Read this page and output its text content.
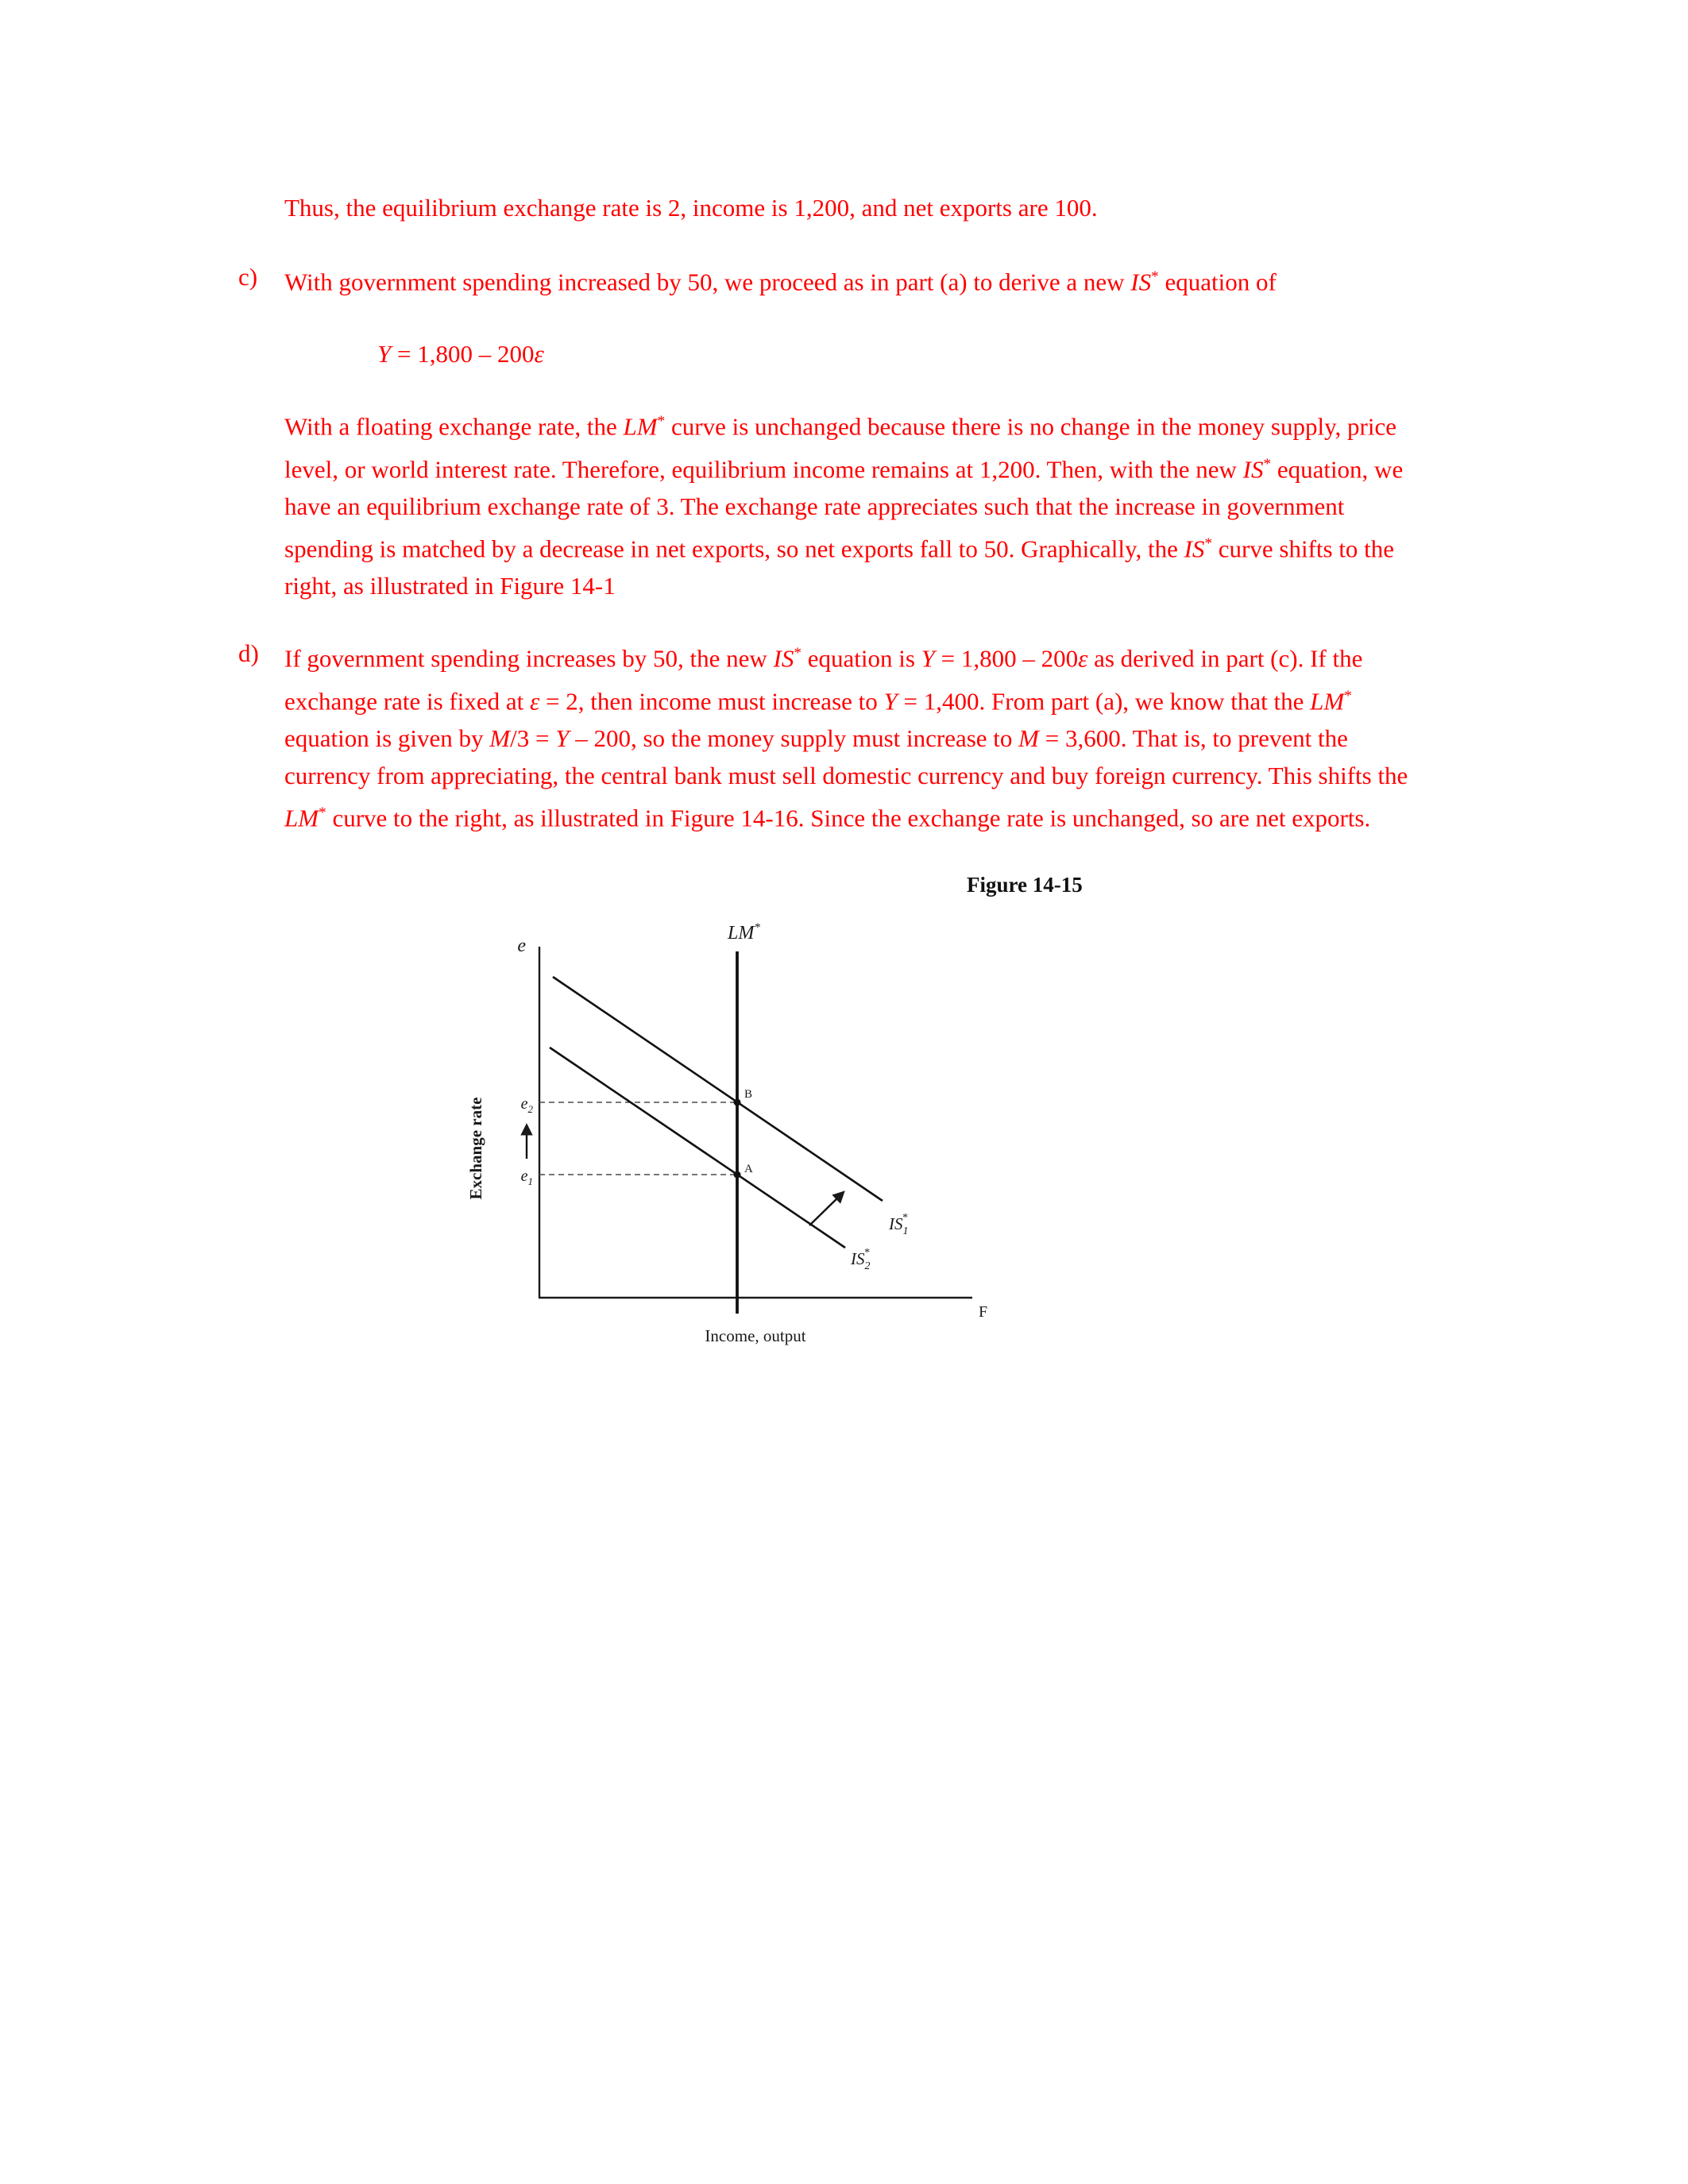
Thus, the equilibrium exchange rate is 2, income is 1,200, and net exports are 100.

c) With government spending increased by 50, we proceed as in part (a) to derive a new IS* equation of

Y = 1,800 – 200ε

With a floating exchange rate, the LM* curve is unchanged because there is no change in the money supply, price level, or world interest rate. Therefore, equilibrium income remains at 1,200. Then, with the new IS* equation, we have an equilibrium exchange rate of 3. The exchange rate appreciates such that the increase in government spending is matched by a decrease in net exports, so net exports fall to 50. Graphically, the IS* curve shifts to the right, as illustrated in Figure 14-1

d) If government spending increases by 50, the new IS* equation is Y = 1,800 – 200ε as derived in part (c). If the exchange rate is fixed at ε = 2, then income must increase to Y = 1,400. From part (a), we know that the LM* equation is given by M/3 = Y – 200, so the money supply must increase to M = 3,600. That is, to prevent the currency from appreciating, the central bank must sell domestic currency and buy foreign currency. This shifts the LM* curve to the right, as illustrated in Figure 14-16. Since the exchange rate is unchanged, so are net exports.

Figure 14-15
e
LM*
$IS_1*$
$IS_2*$
$e_2$
$e_1$
B
A
Exchange rate
Income, output
F
